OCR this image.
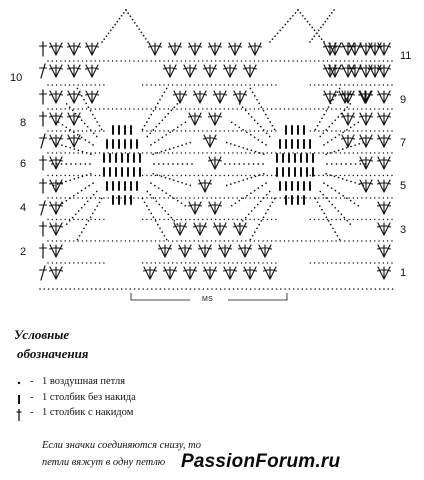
10
8
6
4
2
11
9
7
5
3
1
MS
Условные
обозначения
- 1 воздушная петля
- 1 столбик без накида
- 1 столбик с накидом
Если значки соединяются снизу, то
петли вяжут в одну петлю PassionForum.ru
